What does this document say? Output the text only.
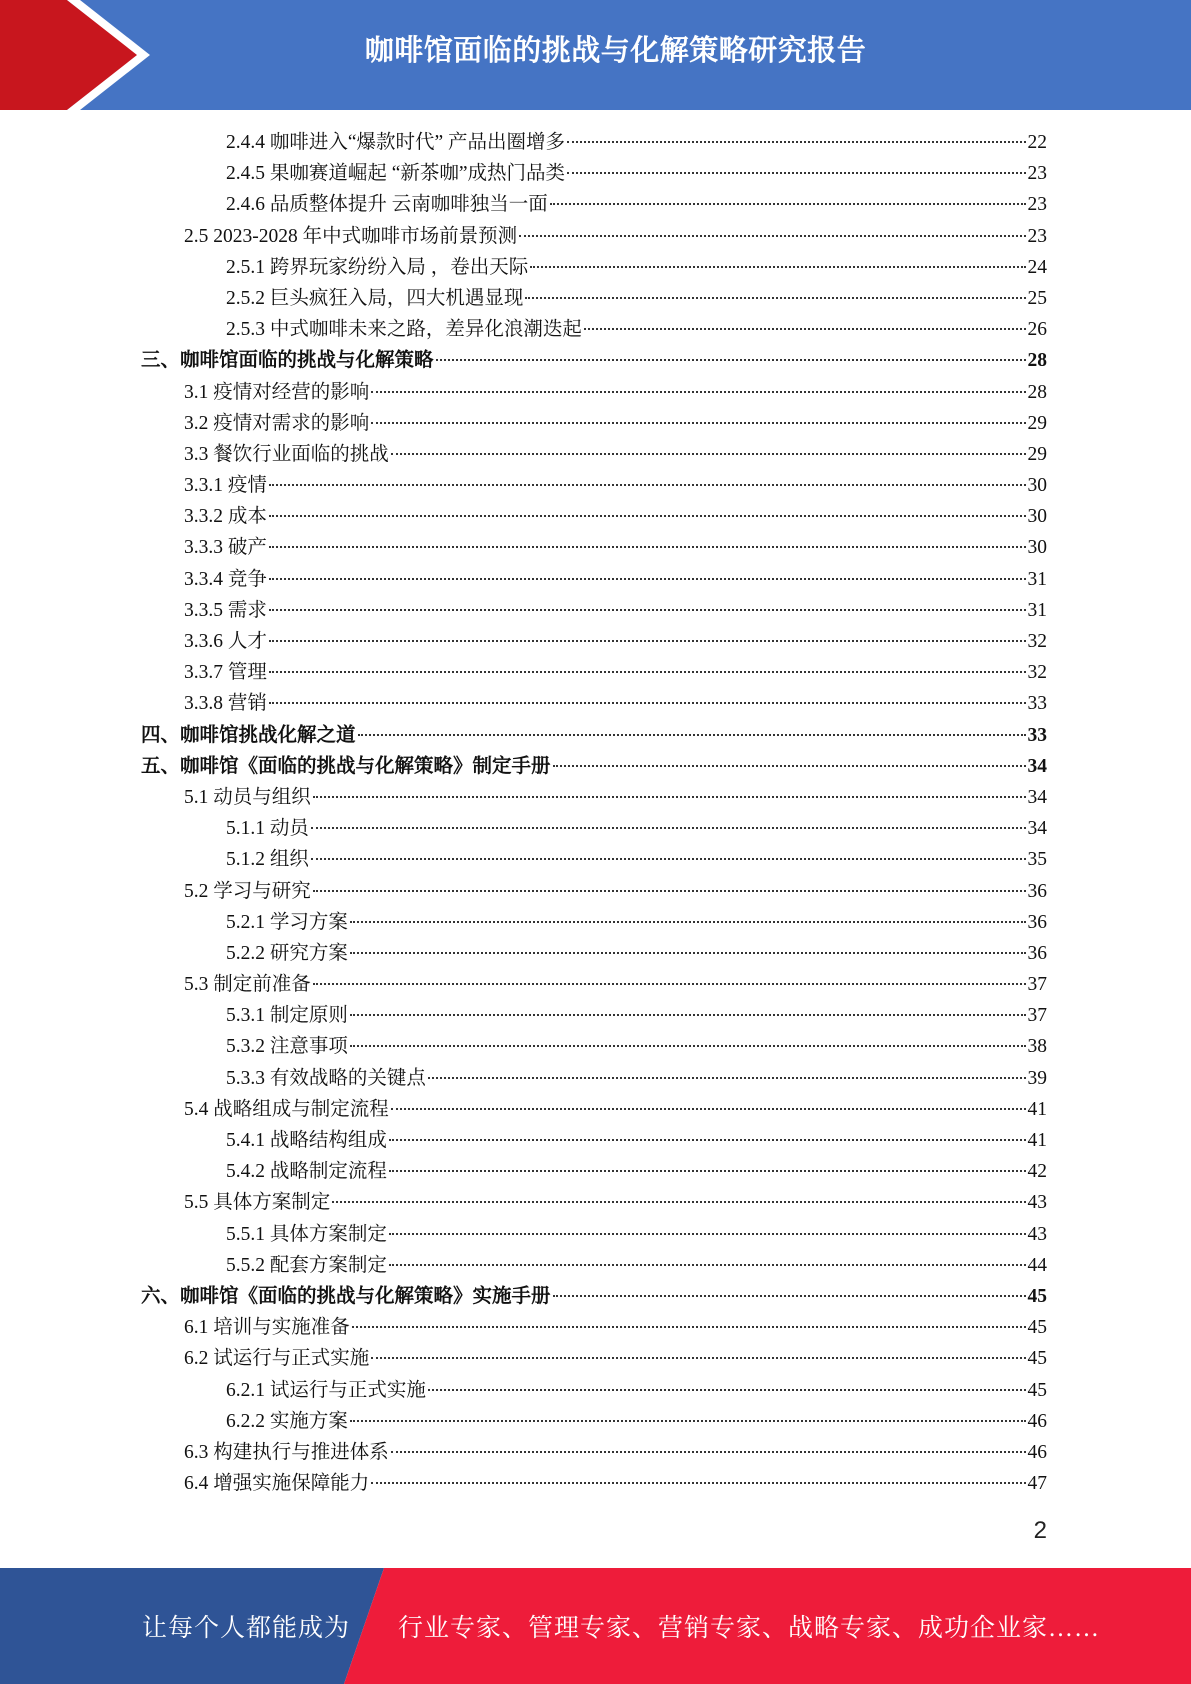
咖啡馆面临的挑战与化解策略研究报告
2.4.4 咖啡进入“爆款时代” 产品出圈增多	22
2.4.5 果咖赛道崛起 “新茶咖”成热门品类	23
2.4.6 品质整体提升 云南咖啡独当一面	23
2.5 2023-2028 年中式咖啡市场前景预测	23
2.5.1 跨界玩家纷纷入局 ，卷出天际	24
2.5.2 巨头疯狂入局，四大机遇显现	25
2.5.3 中式咖啡未来之路，差异化浪潮迭起	26
三、咖啡馆面临的挑战与化解策略	28
3.1 疫情对经营的影响	28
3.2 疫情对需求的影响	29
3.3 餐饮行业面临的挑战	29
3.3.1 疫情	30
3.3.2 成本	30
3.3.3 破产	30
3.3.4 竞争	31
3.3.5 需求	31
3.3.6 人才	32
3.3.7 管理	32
3.3.8 营销	33
四、咖啡馆挑战化解之道	33
五、咖啡馆《面临的挑战与化解策略》制定手册	34
5.1 动员与组织	34
5.1.1 动员	34
5.1.2 组织	35
5.2 学习与研究	36
5.2.1 学习方案	36
5.2.2 研究方案	36
5.3 制定前准备	37
5.3.1 制定原则	37
5.3.2 注意事项	38
5.3.3 有效战略的关键点	39
5.4 战略组成与制定流程	41
5.4.1 战略结构组成	41
5.4.2 战略制定流程	42
5.5 具体方案制定	43
5.5.1 具体方案制定	43
5.5.2 配套方案制定	44
六、咖啡馆《面临的挑战与化解策略》实施手册	45
6.1 培训与实施准备	45
6.2 试运行与正式实施	45
6.2.1 试运行与正式实施	45
6.2.2 实施方案	46
6.3 构建执行与推进体系	46
6.4 增强实施保障能力	47
2
让每个人都能成为 行业专家、管理专家、营销专家、战略专家、成功企业家……
